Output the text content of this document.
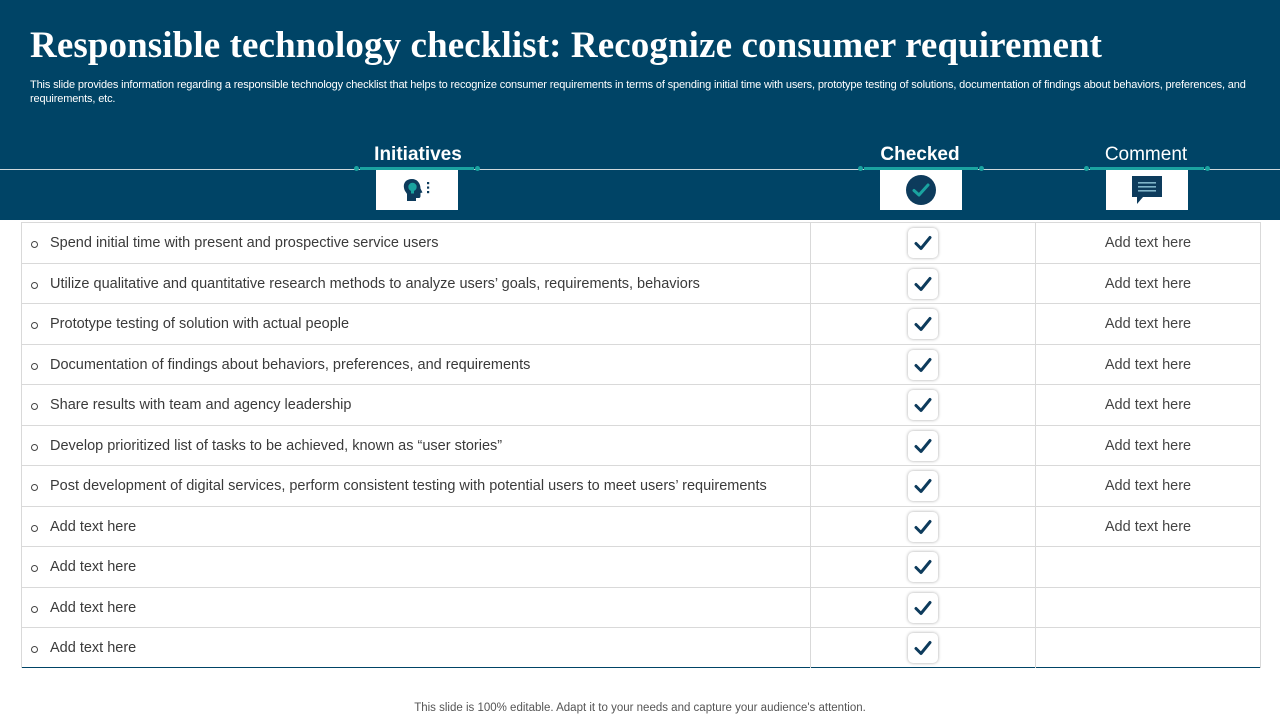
Responsible technology checklist: Recognize consumer requirement

This slide provides information regarding a responsible technology checklist that helps to recognize consumer requirements in terms of spending initial time with users, prototype testing of solutions, documentation of findings about behaviors, preferences, and requirements, etc.

Initiatives	Checked	Comment
Spend initial time with present and prospective service users	Add text here
Utilize qualitative and quantitative research methods to analyze users’ goals, requirements, behaviors	Add text here
Prototype testing of solution with actual people	Add text here
Documentation of findings about behaviors, preferences, and requirements	Add text here
Share results with team and agency leadership	Add text here
Develop prioritized list of tasks to be achieved, known as “user stories”	Add text here
Post development of digital services, perform consistent testing with potential users to meet users’ requirements	Add text here
Add text here	Add text here
Add text here
Add text here
Add text here
This slide is 100% editable. Adapt it to your needs and capture your audience's attention.
